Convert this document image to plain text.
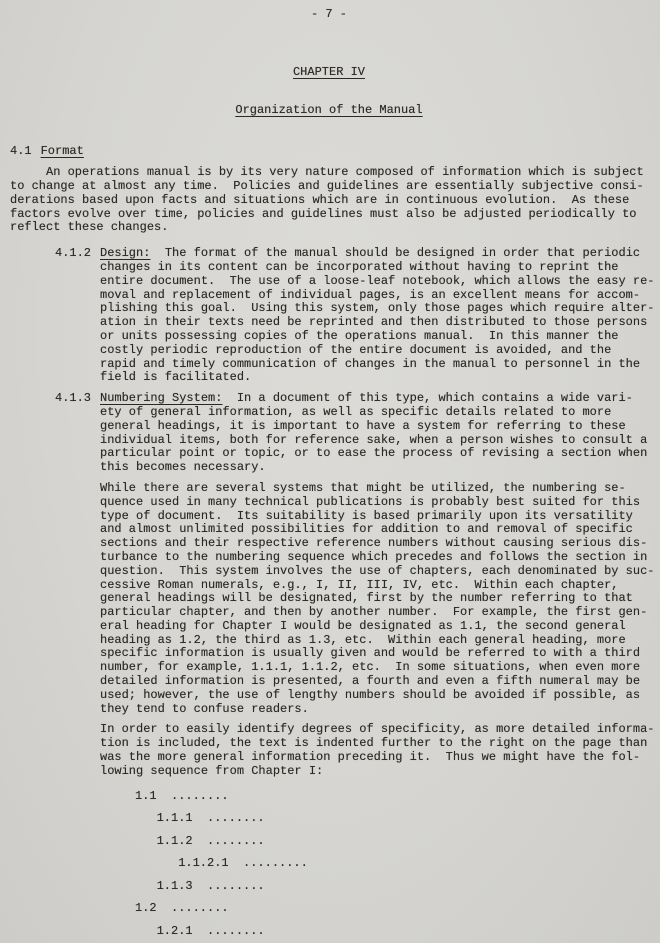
- 7 -
CHAPTER IV
Organization of the Manual
4.1 Format
An operations manual is by its very nature composed of information which is subject
to change at almost any time.  Policies and guidelines are essentially subjective consi-
derations based upon facts and situations which are in continuous evolution.  As these
factors evolve over time, policies and guidelines must also be adjusted periodically to
reflect these changes.
4.1.2 Design:  The format of the manual should be designed in order that periodic
changes in its content can be incorporated without having to reprint the
entire document.  The use of a loose-leaf notebook, which allows the easy re-
moval and replacement of individual pages, is an excellent means for accom-
plishing this goal.  Using this system, only those pages which require alter-
ation in their texts need be reprinted and then distributed to those persons
or units possessing copies of the operations manual.  In this manner the
costly periodic reproduction of the entire document is avoided, and the
rapid and timely communication of changes in the manual to personnel in the
field is facilitated.
4.1.3 Numbering System:  In a document of this type, which contains a wide vari-
ety of general information, as well as specific details related to more
general headings, it is important to have a system for referring to these
individual items, both for reference sake, when a person wishes to consult a
particular point or topic, or to ease the process of revising a section when
this becomes necessary.
While there are several systems that might be utilized, the numbering se-
quence used in many technical publications is probably best suited for this
type of document.  Its suitability is based primarily upon its versatility
and almost unlimited possibilities for addition to and removal of specific
sections and their respective reference numbers without causing serious dis-
turbance to the numbering sequence which precedes and follows the section in
question.  This system involves the use of chapters, each denominated by suc-
cessive Roman numerals, e.g., I, II, III, IV, etc.  Within each chapter,
general headings will be designated, first by the number referring to that
particular chapter, and then by another number.  For example, the first gen-
eral heading for Chapter I would be designated as 1.1, the second general
heading as 1.2, the third as 1.3, etc.  Within each general heading, more
specific information is usually given and would be referred to with a third
number, for example, 1.1.1, 1.1.2, etc.  In some situations, when even more
detailed information is presented, a fourth and even a fifth numeral may be
used; however, the use of lengthy numbers should be avoided if possible, as
they tend to confuse readers.
In order to easily identify degrees of specificity, as more detailed informa-
tion is included, the text is indented further to the right on the page than
was the more general information preceding it.  Thus we might have the fol-
lowing sequence from Chapter I:
1.1  ........
1.1.1  ........
1.1.2  ........
1.1.2.1  .........
1.1.3  ........
1.2  ........
1.2.1  ........
